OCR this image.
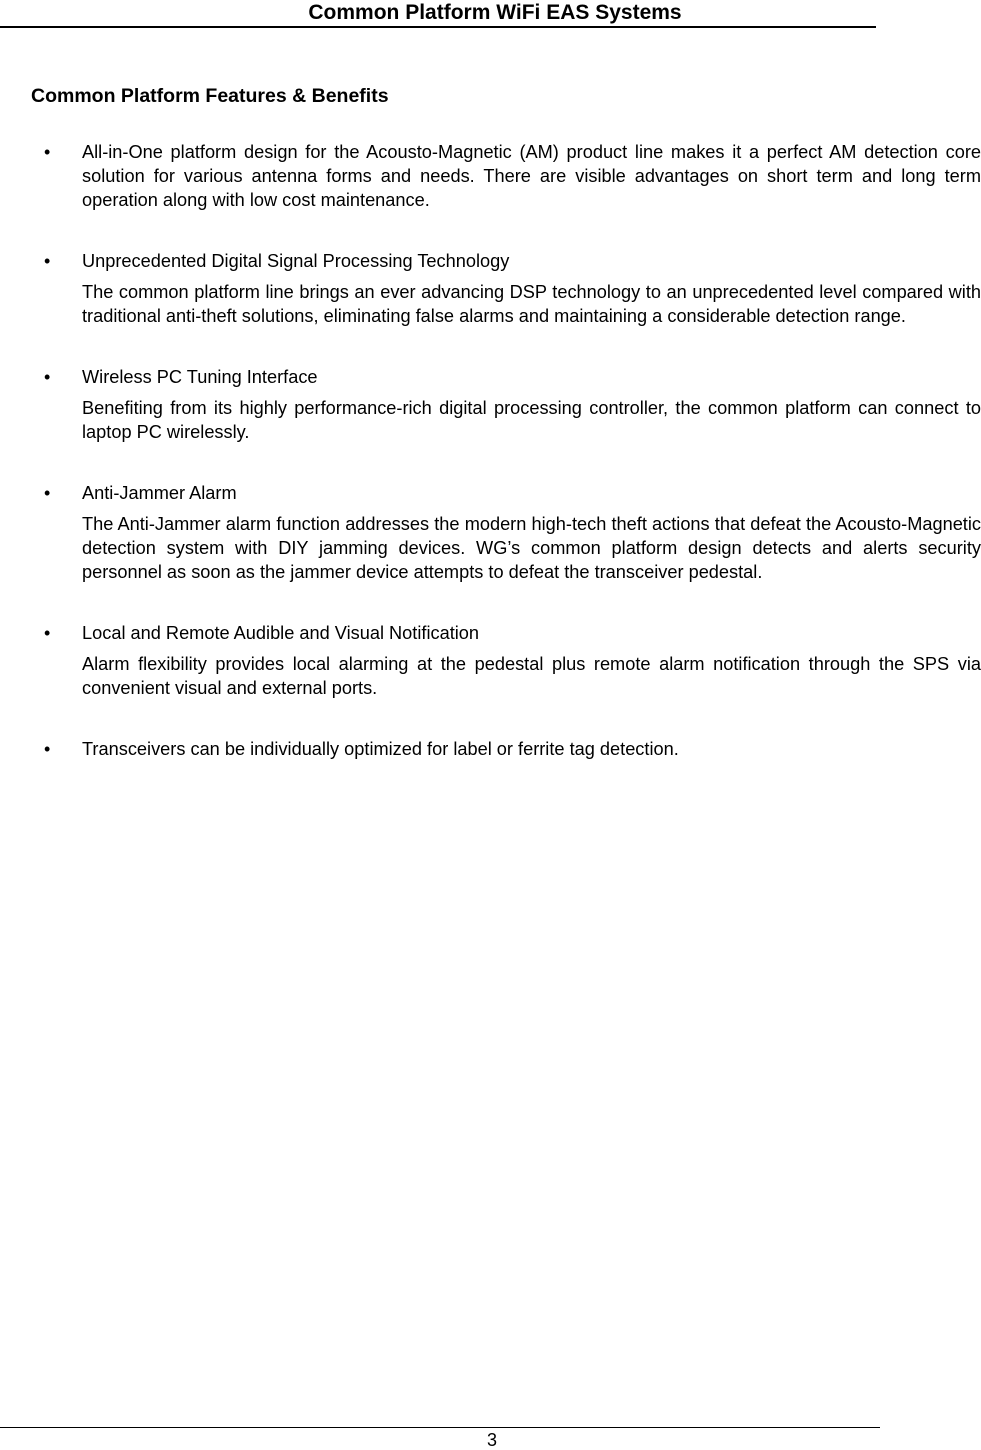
Common Platform WiFi EAS Systems
Common Platform Features & Benefits
• All-in-One platform design for the Acousto-Magnetic (AM) product line makes it a perfect AM detection core solution for various antenna forms and needs. There are visible advantages on short term and long term operation along with low cost maintenance.
• Unprecedented Digital Signal Processing Technology
The common platform line brings an ever advancing DSP technology to an unprecedented level compared with traditional anti-theft solutions, eliminating false alarms and maintaining a considerable detection range.
• Wireless PC Tuning Interface
Benefiting from its highly performance-rich digital processing controller, the common platform can connect to laptop PC wirelessly.
• Anti-Jammer Alarm
The Anti-Jammer alarm function addresses the modern high-tech theft actions that defeat the Acousto-Magnetic detection system with DIY jamming devices. WG’s common platform design detects and alerts security personnel as soon as the jammer device attempts to defeat the transceiver pedestal.
• Local and Remote Audible and Visual Notification
Alarm flexibility provides local alarming at the pedestal plus remote alarm notification through the SPS via convenient visual and external ports.
• Transceivers can be individually optimized for label or ferrite tag detection.
3
